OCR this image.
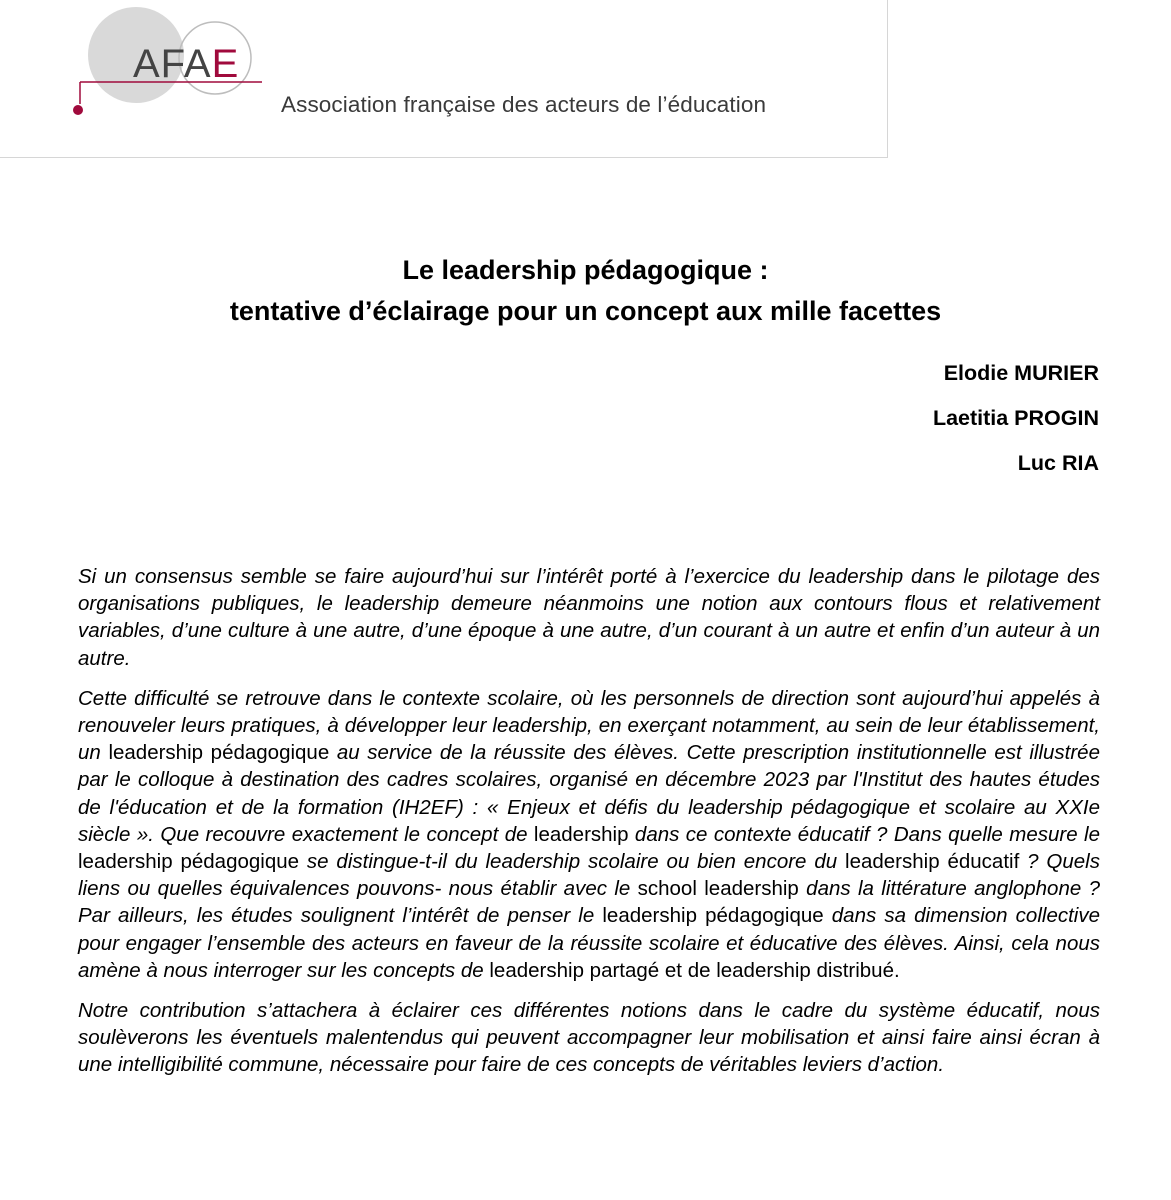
AFAE
Association française des acteurs de l’éducation
Le leadership pédagogique :
tentative d’éclairage pour un concept aux mille facettes
Elodie MURIER
Laetitia PROGIN
Luc RIA

Si un consensus semble se faire aujourd’hui sur l’intérêt porté à l’exercice du leadership dans le pilotage des organisations publiques, le leadership demeure néanmoins une notion aux contours flous et relativement variables, d’une culture à une autre, d’une époque à une autre, d’un courant à un autre et enfin d’un auteur à un autre.

Cette difficulté se retrouve dans le contexte scolaire, où les personnels de direction sont aujourd’hui appelés à renouveler leurs pratiques, à développer leur leadership, en exerçant notamment, au sein de leur établissement, un leadership pédagogique au service de la réussite des élèves. Cette prescription institutionnelle est illustrée par le colloque à destination des cadres scolaires, organisé en décembre 2023 par l'Institut des hautes études de l'éducation et de la formation (IH2EF) : « Enjeux et défis du leadership pédagogique et scolaire au XXIe siècle ». Que recouvre exactement le concept de leadership dans ce contexte éducatif ? Dans quelle mesure le leadership pédagogique se distingue-t-il du leadership scolaire ou bien encore du leadership éducatif ? Quels liens ou quelles équivalences pouvons- nous établir avec le school leadership dans la littérature anglophone ? Par ailleurs, les études soulignent l’intérêt de penser le leadership pédagogique dans sa dimension collective pour engager l’ensemble des acteurs en faveur de la réussite scolaire et éducative des élèves. Ainsi, cela nous amène à nous interroger sur les concepts de leadership partagé et de leadership distribué.

Notre contribution s’attachera à éclairer ces différentes notions dans le cadre du système éducatif, nous soulèverons les éventuels malentendus qui peuvent accompagner leur mobilisation et ainsi faire ainsi écran à une intelligibilité commune, nécessaire pour faire de ces concepts de véritables leviers d’action.
